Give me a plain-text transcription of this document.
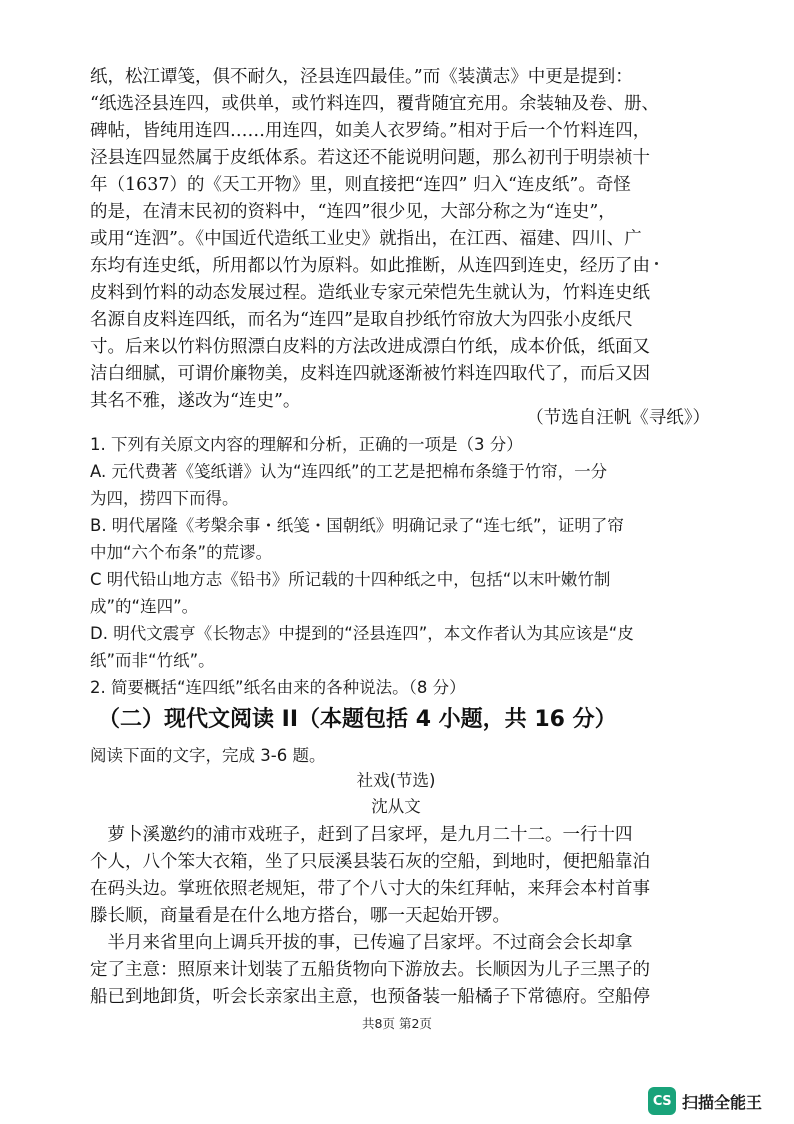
纸，松江谭笺，俱不耐久，泾县连四最佳。”而《装潢志》中更是提到：
“纸选泾县连四，或供单，或竹料连四，覆背随宜充用。余装轴及卷、册、
碑帖，皆纯用连四……用连四，如美人衣罗绮。”相对于后一个竹料连四，
泾县连四显然属于皮纸体系。若这还不能说明问题，那么初刊于明崇祯十
年（1637）的《天工开物》里，则直接把“连四” 归入“连皮纸”。奇怪
的是，在清末民初的资料中，“连四”很少见，大部分称之为“连史”，
或用“连泗”。《中国近代造纸工业史》就指出，在江西、福建、四川、广
东均有连史纸，所用都以竹为原料。如此推断，从连四到连史，经历了由
皮料到竹料的动态发展过程。造纸业专家元荣恺先生就认为，竹料连史纸
名源自皮料连四纸，而名为“连四”是取自抄纸竹帘放大为四张小皮纸尺
寸。后来以竹料仿照漂白皮料的方法改进成漂白竹纸，成本价低，纸面又
洁白细腻，可谓价廉物美，皮料连四就逐渐被竹料连四取代了，而后又因
其名不雅，遂改为“连史”。
（节选自汪帆《寻纸》）
1. 下列有关原文内容的理解和分析，正确的一项是（3 分）
A. 元代费著《笺纸谱》认为“连四纸”的工艺是把棉布条缝于竹帘，一分
为四，捞四下而得。
B. 明代屠隆《考槃余事・纸笺・国朝纸》明确记录了“连七纸”，证明了帘
中加“六个布条”的荒谬。
C 明代铅山地方志《铅书》所记载的十四种纸之中，包括“以末叶嫩竹制
成”的“连四”。
D. 明代文震亨《长物志》中提到的“泾县连四”，本文作者认为其应该是“皮
纸”而非“竹纸”。
2. 简要概括“连四纸”纸名由来的各种说法。（8 分）
（二）现代文阅读 II（本题包括 4 小题，共 16 分）
阅读下面的文字，完成 3-6 题。
社戏(节选)
沈从文
　萝卜溪邀约的浦市戏班子，赶到了吕家坪，是九月二十二。一行十四
个人，八个笨大衣箱，坐了只辰溪县装石灰的空船，到地时，便把船靠泊
在码头边。掌班依照老规矩，带了个八寸大的朱红拜帖，来拜会本村首事
滕长顺，商量看是在什么地方搭台，哪一天起始开锣。
　半月来省里向上调兵开拔的事，已传遍了吕家坪。不过商会会长却拿
定了主意：照原来计划装了五船货物向下游放去。长顺因为儿子三黑子的
船已到地卸货，听会长亲家出主意，也预备装一船橘子下常德府。空船停
共8页 第2页
CS 扫描全能王
